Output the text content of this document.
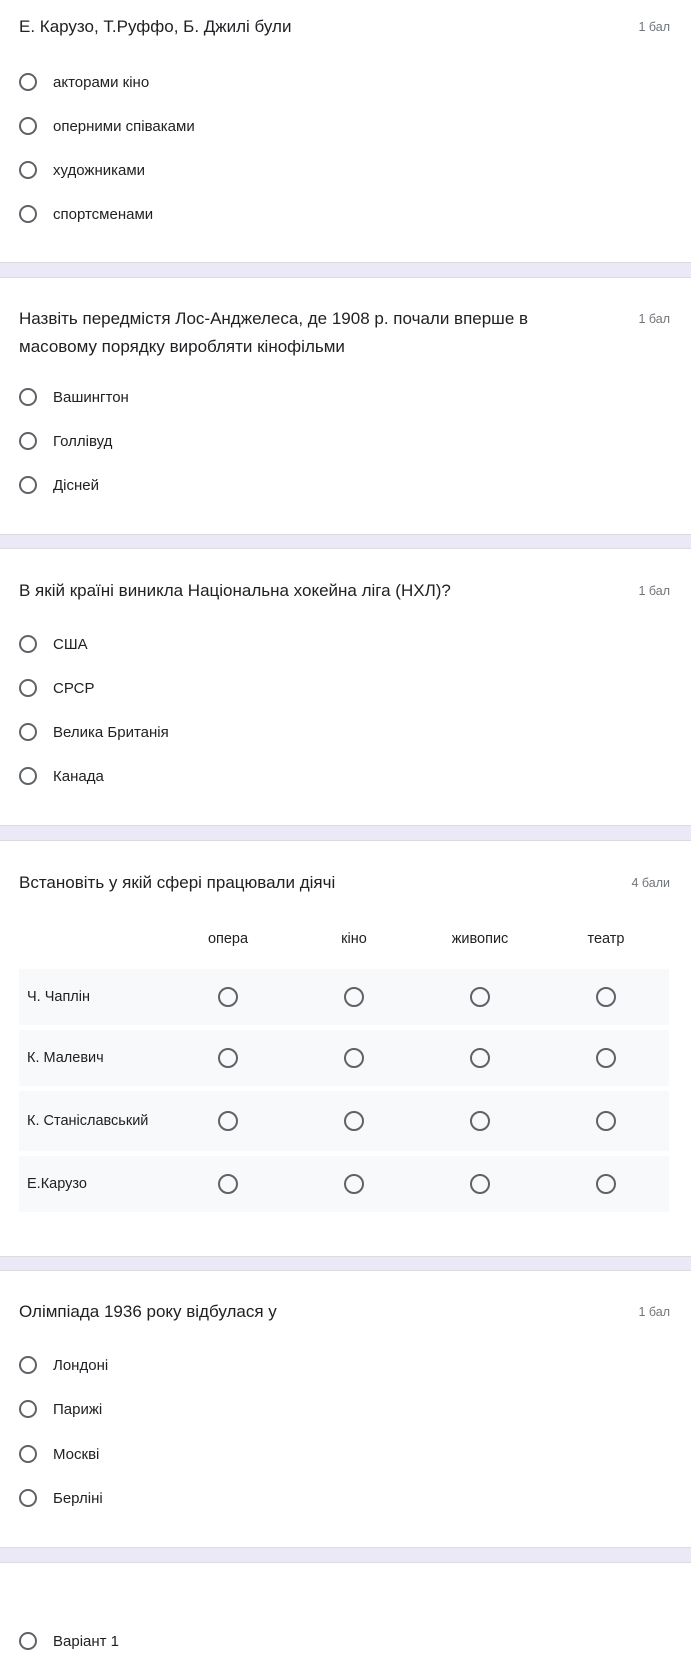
Е. Карузо, Т.Руффо, Б. Джилі були	1 бал
акторами кіно
оперними співаками
художниками
спортсменами
Назвіть передмістя Лос-Анджелеса, де 1908 р. почали вперше в масовому порядку виробляти кінофільми
1 бал
Вашингтон
Голлівуд
Дісней
В якій країні виникла Національна хокейна ліга (НХЛ)?	1 бал
США
СРСР
Велика Британія
Канада
Встановіть у якій сфері працювали діячі	4 бали
опера	кіно	живопис	театр
Ч. Чаплін
К. Малевич
К. Станіславський
Е.Карузо
Олімпіада 1936 року відбулася у	1 бал
Лондоні
Парижі
Москві
Берліні
Варіант 1
